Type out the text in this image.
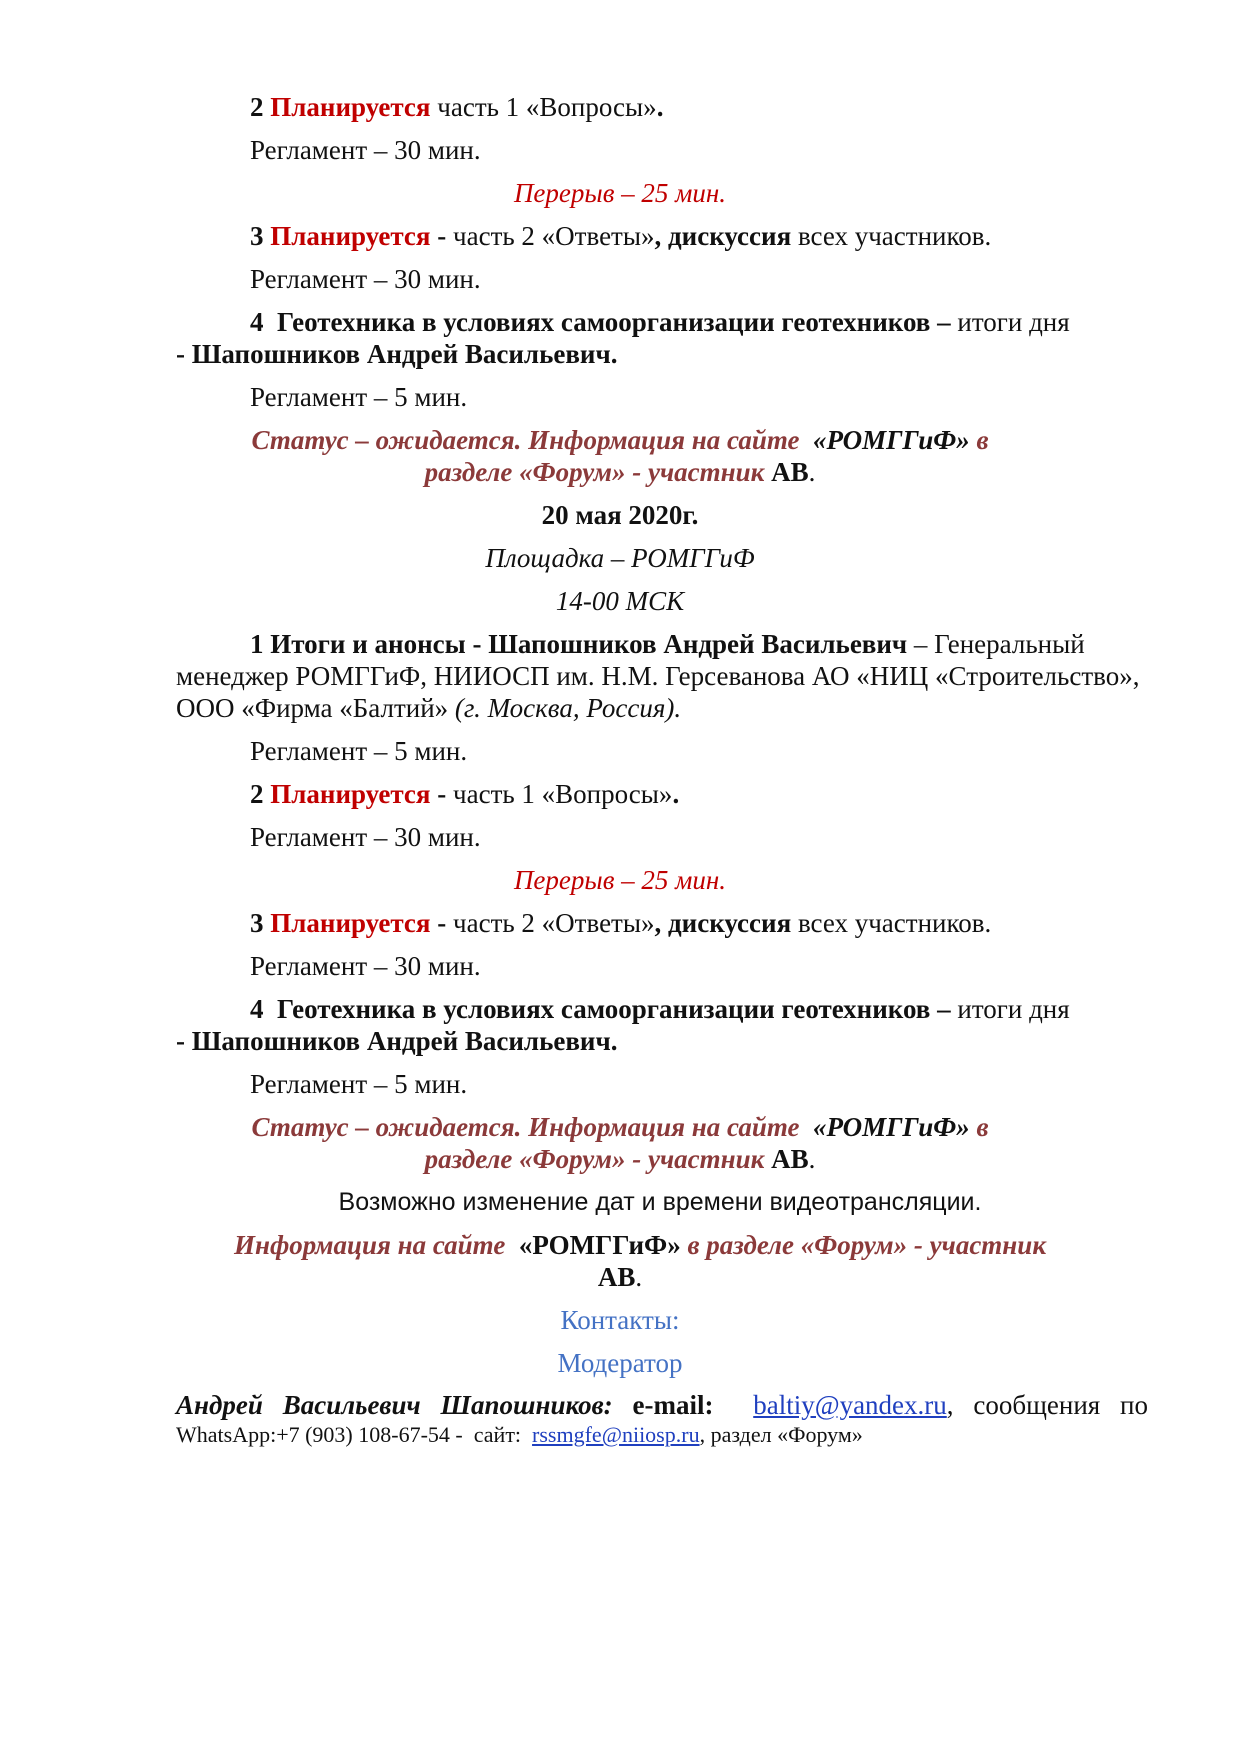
2 Планируется часть 1 «Вопросы».
Регламент – 30 мин.
Перерыв – 25 мин.
3 Планируется - часть 2 «Ответы», дискуссия всех участников.
Регламент – 30 мин.
4 Геотехника в условиях самоорганизации геотехников – итоги дня
- Шапошников Андрей Васильевич.
Регламент – 5 мин.
Статус – ожидается. Информация на сайте «РОМГГиФ» в
разделе «Форум» - участник АВ.
20 мая 2020г.
Площадка – РОМГГиФ
14-00 МСК
1 Итоги и анонсы - Шапошников Андрей Васильевич – Генеральный
менеджер РОМГГиФ, НИИОСП им. Н.М. Герсеванова АО «НИЦ «Строительство»,
ООО «Фирма «Балтий» (г. Москва, Россия).
Регламент – 5 мин.
2 Планируется - часть 1 «Вопросы».
Регламент – 30 мин.
Перерыв – 25 мин.
3 Планируется - часть 2 «Ответы», дискуссия всех участников.
Регламент – 30 мин.
4 Геотехника в условиях самоорганизации геотехников – итоги дня
- Шапошников Андрей Васильевич.
Регламент – 5 мин.
Статус – ожидается. Информация на сайте «РОМГГиФ» в
разделе «Форум» - участник АВ.
Возможно изменение дат и времени видеотрансляции.
Информация на сайте «РОМГГиФ» в разделе «Форум» - участник
АВ.
Контакты:
Модератор
Андрей Васильевич Шапошников: e-mail: baltiy@yandex.ru, сообщения по
WhatsApp:+7 (903) 108-67-54 -  сайт:  rssmgfe@niiosp.ru, раздел «Форум»
